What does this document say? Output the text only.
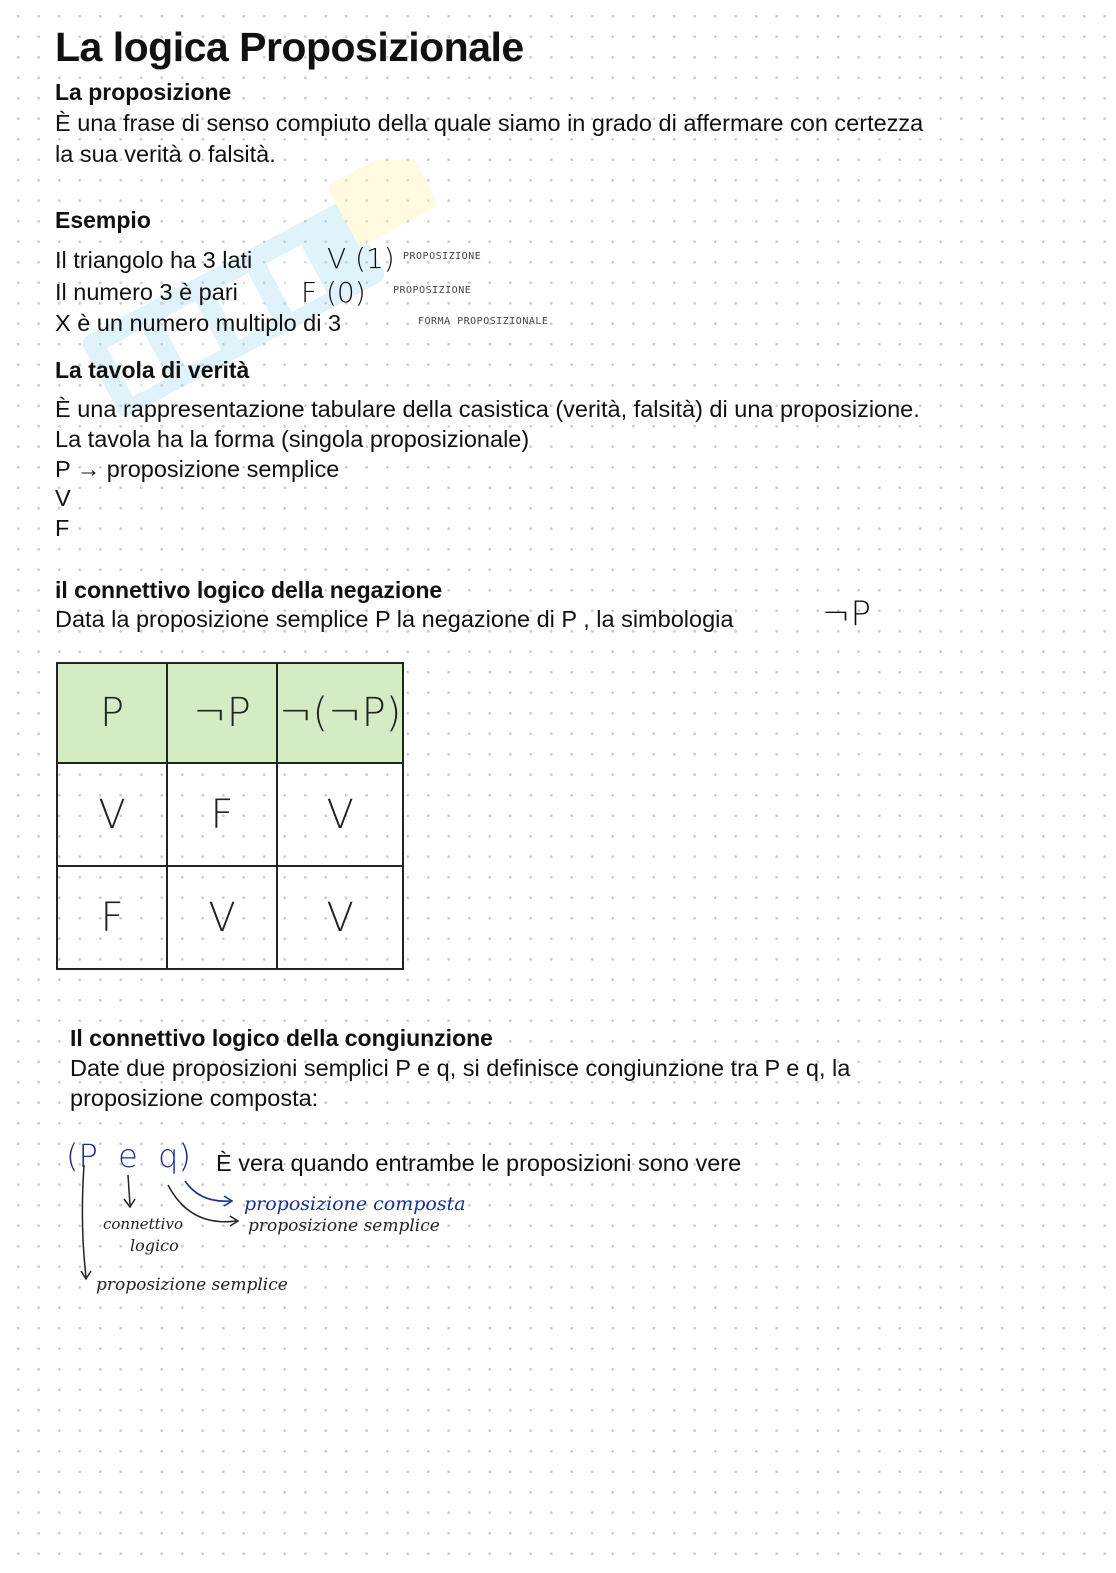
La logica Proposizionale
La proposizione
È una frase di senso compiuto della quale siamo in grado di affermare con certezza
la sua verità o falsità.
Esempio
Il triangolo ha 3 lati	V (1) PROPOSIZIONE
Il numero 3 è pari F (0)	PROPOSIZIONE
X è un numero multiplo di 3	FORMA PROPOSIZIONALE
La tavola di verità
È una rappresentazione tabulare della casistica (verità, falsità) di una proposizione.
La tavola ha la forma (singola proposizionale)
P → proposizione semplice
V
F
il connettivo logico della negazione
Data la proposizione semplice P la negazione di P , la simbologia	¬P
P	¬P	¬(¬P)
V	F	V
F	V	V
Il connettivo logico della congiunzione
Date due proposizioni semplici P e q, si definisce congiunzione tra P e q, la
proposizione composta:
(P  e  q) È vera quando entrambe le proposizioni sono vere
proposizione composta
proposizione semplice
connettivo
logico
proposizione semplice
